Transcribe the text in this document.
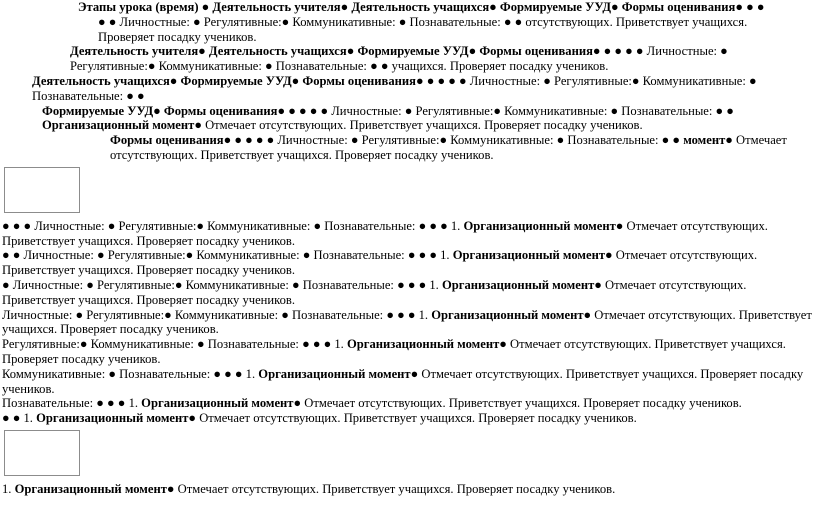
Этапы урока (время) ● Деятельность учителя● Деятельность учащихся● Формируемые УУД● Формы оценивания● ● ● ● ● Личностные: ● Регулятивные:● Коммуникативные: ● Познавательные: ● ● отсутствующих. Приветствует учащихся. Проверяет посадку учеников.

Деятельность учителя● Деятельность учащихся● Формируемые УУД● Формы оценивания● ● ● ● ● Личностные: ● Регулятивные:● Коммуникативные: ● Познавательные: ● ● учащихся. Проверяет посадку учеников.

Деятельность учащихся● Формируемые УУД● Формы оценивания● ● ● ● ● Личностные: ● Регулятивные:● Коммуникативные: ● Познавательные: ● ●

Формируемые УУД● Формы оценивания● ● ● ● ● Личностные: ● Регулятивные:● Коммуникативные: ● Познавательные: ● ● Организационный момент● Отмечает отсутствующих. Приветствует учащихся. Проверяет посадку учеников.

Формы оценивания● ● ● ● ● Личностные: ● Регулятивные:● Коммуникативные: ● Познавательные: ● ● момент● Отмечает отсутствующих. Приветствует учащихся. Проверяет посадку учеников.

● ● ● Личностные: ● Регулятивные:● Коммуникативные: ● Познавательные: ● ● ● 1. Организационный момент● Отмечает отсутствующих. Приветствует учащихся. Проверяет посадку учеников.

● ● Личностные: ● Регулятивные:● Коммуникативные: ● Познавательные: ● ● ● 1. Организационный момент● Отмечает отсутствующих. Приветствует учащихся. Проверяет посадку учеников.

● Личностные: ● Регулятивные:● Коммуникативные: ● Познавательные: ● ● ● 1. Организационный момент● Отмечает отсутствующих. Приветствует учащихся. Проверяет посадку учеников.

Личностные: ● Регулятивные:● Коммуникативные: ● Познавательные: ● ● ● 1. Организационный момент● Отмечает отсутствующих. Приветствует учащихся. Проверяет посадку учеников.

Регулятивные:● Коммуникативные: ● Познавательные: ● ● ● 1. Организационный момент● Отмечает отсутствующих. Приветствует учащихся. Проверяет посадку учеников.

Коммуникативные: ● Познавательные: ● ● ● 1. Организационный момент● Отмечает отсутствующих. Приветствует учащихся. Проверяет посадку учеников.

Познавательные: ● ● ● 1. Организационный момент● Отмечает отсутствующих. Приветствует учащихся. Проверяет посадку учеников.

● ● 1. Организационный момент● Отмечает отсутствующих. Приветствует учащихся. Проверяет посадку учеников.

1. Организационный момент● Отмечает отсутствующих. Приветствует учащихся. Проверяет посадку учеников.
